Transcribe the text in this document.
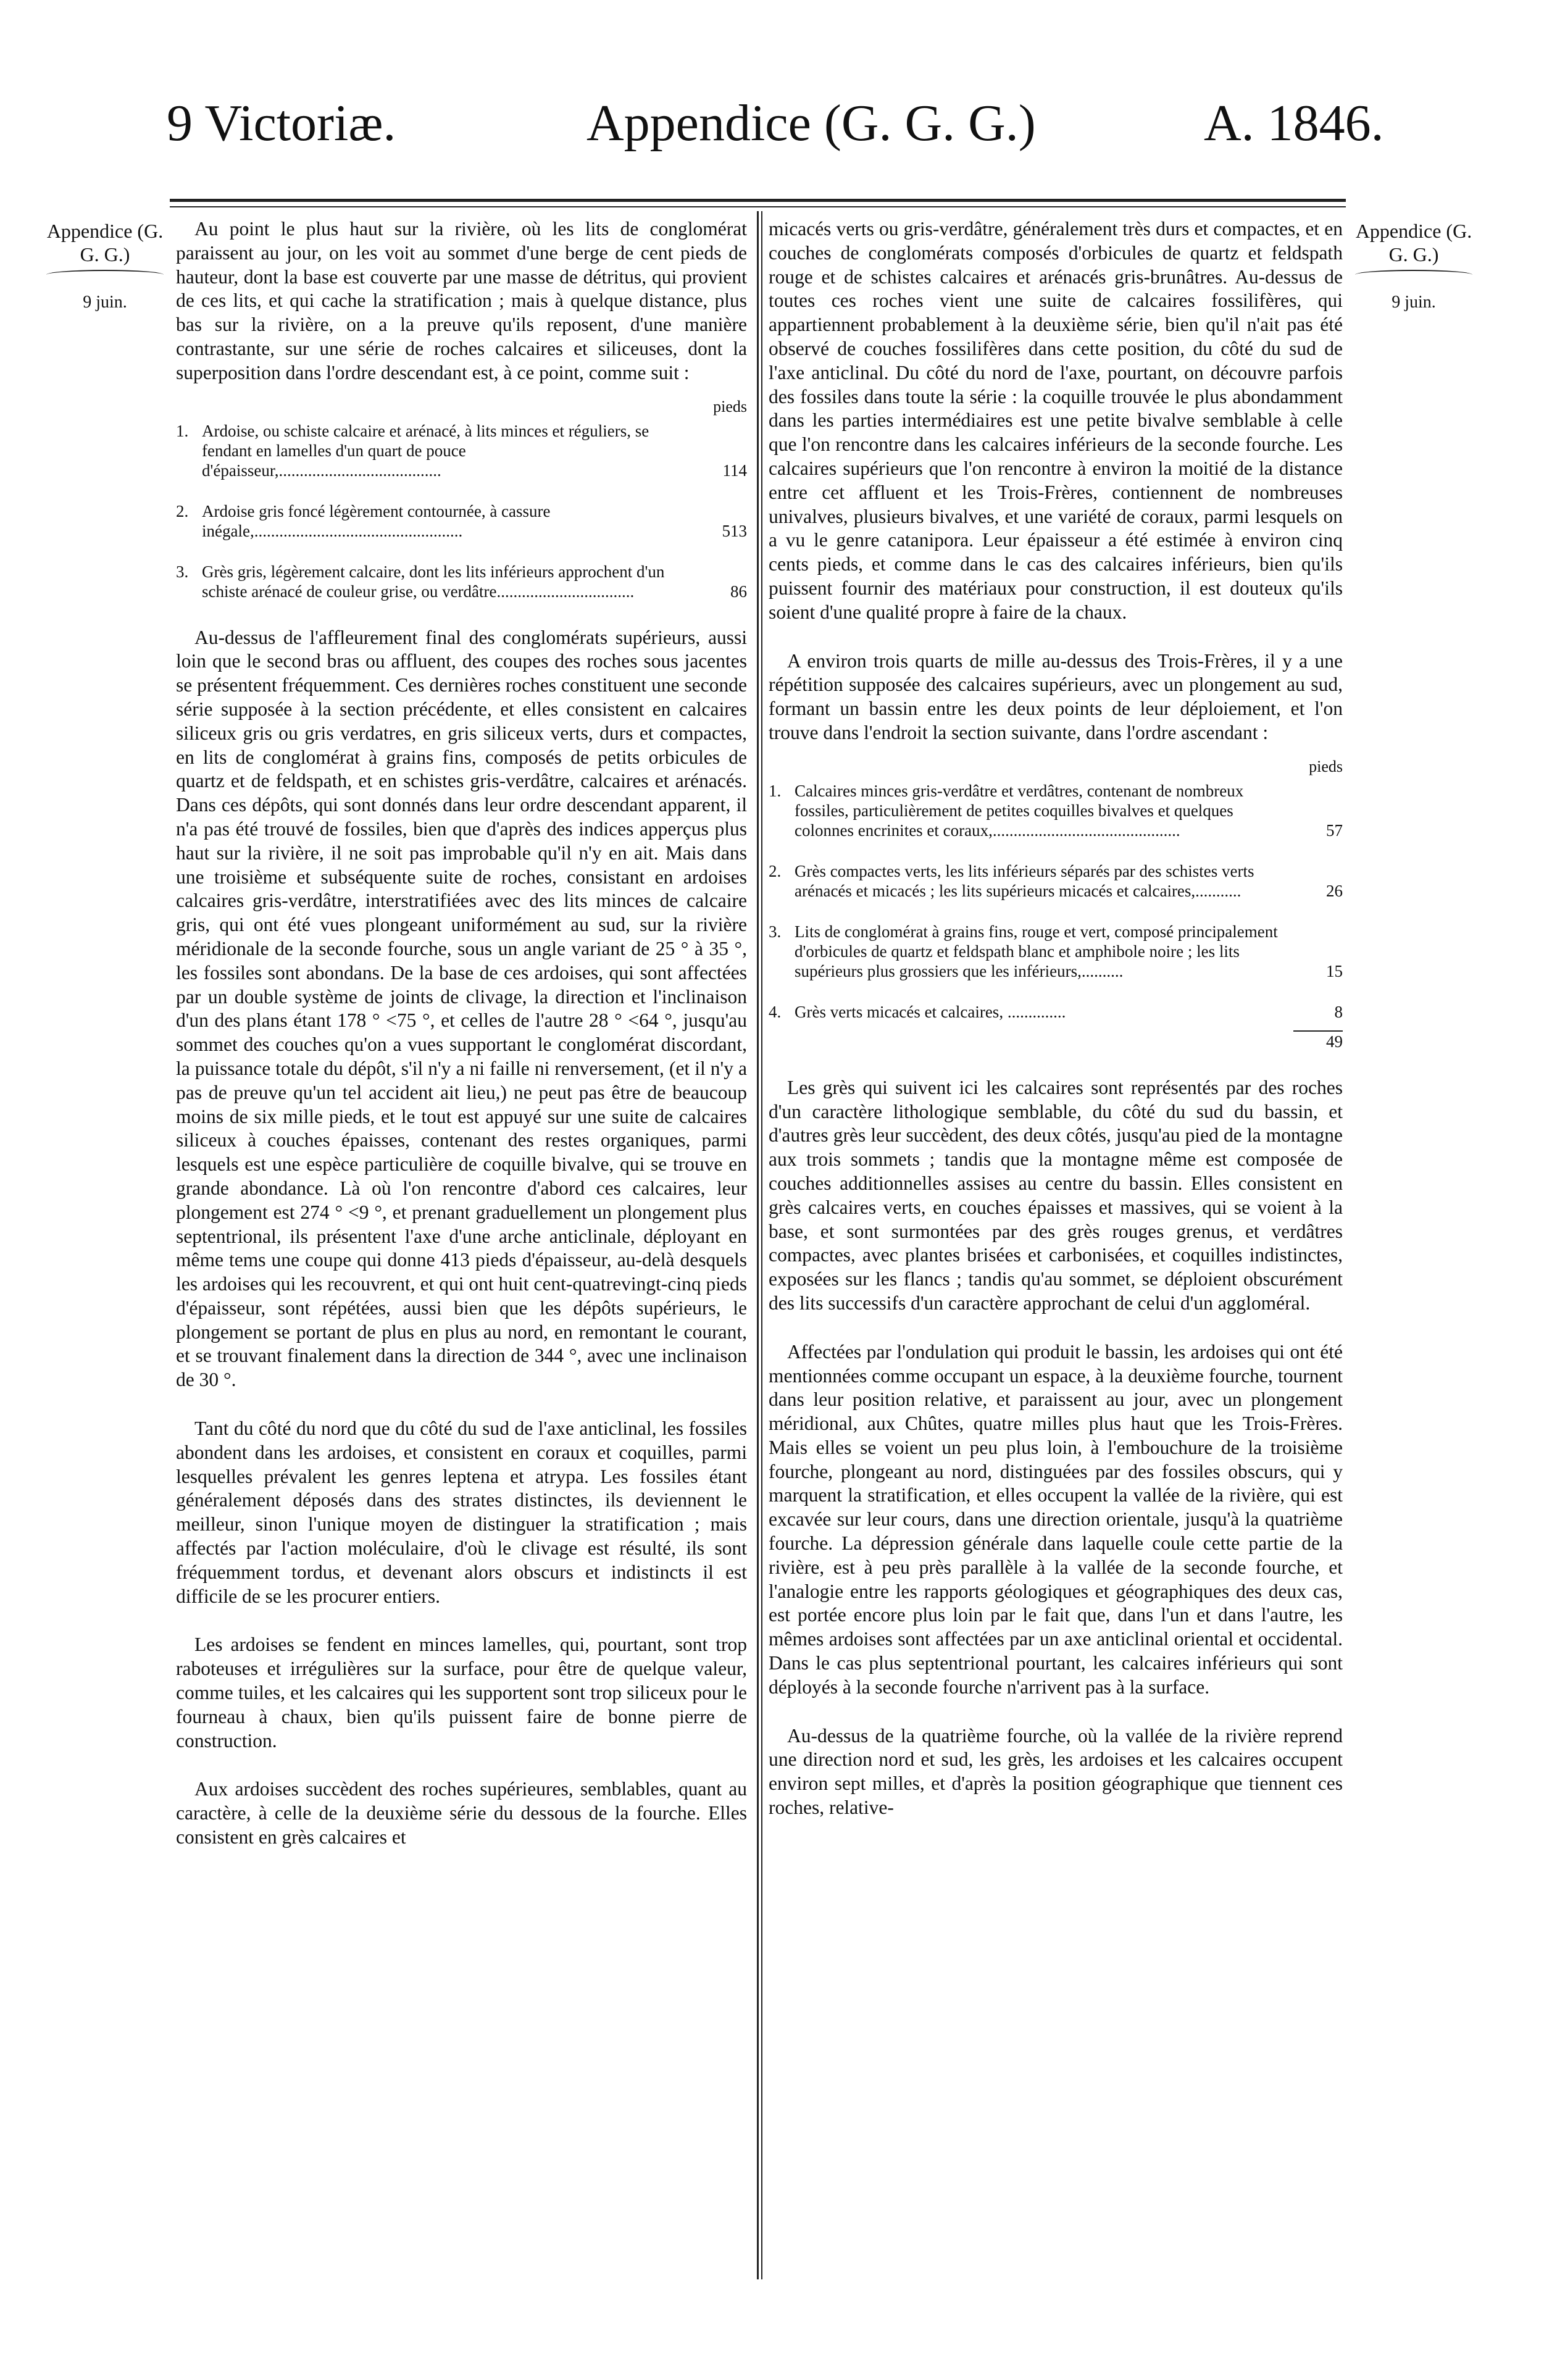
9 Victoriæ.	Appendice (G. G. G.)	A. 1846.
Appendice (G. G. G.)
9 juin.
Appendice (G. G. G.)
9 juin.

Au point le plus haut sur la rivière, où les lits de conglomérat paraissent au jour, on les voit au sommet d'une berge de cent pieds de hauteur, dont la base est couverte par une masse de détritus, qui provient de ces lits, et qui cache la stratification ; mais à quelque distance, plus bas sur la rivière, on a la preuve qu'ils reposent, d'une manière contrastante, sur une série de roches calcaires et siliceuses, dont la superposition dans l'ordre descendant est, à ce point, comme suit :

pieds
1. Ardoise, ou schiste calcaire et arénacé, à lits minces et réguliers, se fendant en lamelles d'un quart de pouce d'épaisseur,.......................................	114
2. Ardoise gris foncé légèrement contournée, à cassure inégale,..................................................	513
3. Grès gris, légèrement calcaire, dont les lits inférieurs approchent d'un schiste arénacé de couleur grise, ou verdâtre.................................	86

Au-dessus de l'affleurement final des conglomérats supérieurs, aussi loin que le second bras ou affluent, des coupes des roches sous jacentes se présentent fréquemment. Ces dernières roches constituent une seconde série supposée à la section précédente, et elles consistent en calcaires siliceux gris ou gris verdatres, en gris siliceux verts, durs et compactes, en lits de conglomérat à grains fins, composés de petits orbicules de quartz et de feldspath, et en schistes gris-verdâtre, calcaires et arénacés. Dans ces dépôts, qui sont donnés dans leur ordre descendant apparent, il n'a pas été trouvé de fossiles, bien que d'après des indices apperçus plus haut sur la rivière, il ne soit pas improbable qu'il n'y en ait. Mais dans une troisième et subséquente suite de roches, consistant en ardoises calcaires gris-verdâtre, interstratifiées avec des lits minces de calcaire gris, qui ont été vues plongeant uniformément au sud, sur la rivière méridionale de la seconde fourche, sous un angle variant de 25 ° à 35 °, les fossiles sont abondans. De la base de ces ardoises, qui sont affectées par un double système de joints de clivage, la direction et l'inclinaison d'un des plans étant 178 ° <75 °, et celles de l'autre 28 ° <64 °, jusqu'au sommet des couches qu'on a vues supportant le conglomérat discordant, la puissance totale du dépôt, s'il n'y a ni faille ni renversement, (et il n'y a pas de preuve qu'un tel accident ait lieu,) ne peut pas être de beaucoup moins de six mille pieds, et le tout est appuyé sur une suite de calcaires siliceux à couches épaisses, contenant des restes organiques, parmi lesquels est une espèce particulière de coquille bivalve, qui se trouve en grande abondance. Là où l'on rencontre d'abord ces calcaires, leur plongement est 274 ° <9 °, et prenant graduellement un plongement plus septentrional, ils présentent l'axe d'une arche anticlinale, déployant en même tems une coupe qui donne 413 pieds d'épaisseur, au-delà desquels les ardoises qui les recouvrent, et qui ont huit cent-quatrevingt-cinq pieds d'épaisseur, sont répétées, aussi bien que les dépôts supérieurs, le plongement se portant de plus en plus au nord, en remontant le courant, et se trouvant finalement dans la direction de 344 °, avec une inclinaison de 30 °.

Tant du côté du nord que du côté du sud de l'axe anticlinal, les fossiles abondent dans les ardoises, et consistent en coraux et coquilles, parmi lesquelles prévalent les genres leptena et atrypa. Les fossiles étant généralement déposés dans des strates distinctes, ils deviennent le meilleur, sinon l'unique moyen de distinguer la stratification ; mais affectés par l'action moléculaire, d'où le clivage est résulté, ils sont fréquemment tordus, et devenant alors obscurs et indistincts il est difficile de se les procurer entiers.

Les ardoises se fendent en minces lamelles, qui, pourtant, sont trop raboteuses et irrégulières sur la surface, pour être de quelque valeur, comme tuiles, et les calcaires qui les supportent sont trop siliceux pour le fourneau à chaux, bien qu'ils puissent faire de bonne pierre de construction.

Aux ardoises succèdent des roches supérieures, semblables, quant au caractère, à celle de la deuxième série du dessous de la fourche. Elles consistent en grès calcaires et

micacés verts ou gris-verdâtre, généralement très durs et compactes, et en couches de conglomérats composés d'orbicules de quartz et feldspath rouge et de schistes calcaires et arénacés gris-brunâtres. Au-dessus de toutes ces roches vient une suite de calcaires fossilifères, qui appartiennent probablement à la deuxième série, bien qu'il n'ait pas été observé de couches fossilifères dans cette position, du côté du sud de l'axe anticlinal. Du côté du nord de l'axe, pourtant, on découvre parfois des fossiles dans toute la série : la coquille trouvée le plus abondamment dans les parties intermédiaires est une petite bivalve semblable à celle que l'on rencontre dans les calcaires inférieurs de la seconde fourche. Les calcaires supérieurs que l'on rencontre à environ la moitié de la distance entre cet affluent et les Trois-Frères, contiennent de nombreuses univalves, plusieurs bivalves, et une variété de coraux, parmi lesquels on a vu le genre catanipora. Leur épaisseur a été estimée à environ cinq cents pieds, et comme dans le cas des calcaires inférieurs, bien qu'ils puissent fournir des matériaux pour construction, il est douteux qu'ils soient d'une qualité propre à faire de la chaux.

A environ trois quarts de mille au-dessus des Trois-Frères, il y a une répétition supposée des calcaires supérieurs, avec un plongement au sud, formant un bassin entre les deux points de leur déploiement, et l'on trouve dans l'endroit la section suivante, dans l'ordre ascendant :

pieds
1. Calcaires minces gris-verdâtre et verdâtres, contenant de nombreux fossiles, particulièrement de petites coquilles bivalves et quelques colonnes encrinites et coraux,.............................................	57
2. Grès compactes verts, les lits inférieurs séparés par des schistes verts arénacés et micacés ; les lits supérieurs micacés et calcaires,...........	26
3. Lits de conglomérat à grains fins, rouge et vert, composé principalement d'orbicules de quartz et feldspath blanc et amphibole noire ; les lits supérieurs plus grossiers que les inférieurs,..........	15
4. Grès verts micacés et calcaires, ..............	8
49

Les grès qui suivent ici les calcaires sont représentés par des roches d'un caractère lithologique semblable, du côté du sud du bassin, et d'autres grès leur succèdent, des deux côtés, jusqu'au pied de la montagne aux trois sommets ; tandis que la montagne même est composée de couches additionnelles assises au centre du bassin. Elles consistent en grès calcaires verts, en couches épaisses et massives, qui se voient à la base, et sont surmontées par des grès rouges grenus, et verdâtres compactes, avec plantes brisées et carbonisées, et coquilles indistinctes, exposées sur les flancs ; tandis qu'au sommet, se déploient obscurément des lits successifs d'un caractère approchant de celui d'un aggloméral.

Affectées par l'ondulation qui produit le bassin, les ardoises qui ont été mentionnées comme occupant un espace, à la deuxième fourche, tournent dans leur position relative, et paraissent au jour, avec un plongement méridional, aux Chûtes, quatre milles plus haut que les Trois-Frères. Mais elles se voient un peu plus loin, à l'embouchure de la troisième fourche, plongeant au nord, distinguées par des fossiles obscurs, qui y marquent la stratification, et elles occupent la vallée de la rivière, qui est excavée sur leur cours, dans une direction orientale, jusqu'à la quatrième fourche. La dépression générale dans laquelle coule cette partie de la rivière, est à peu près parallèle à la vallée de la seconde fourche, et l'analogie entre les rapports géologiques et géographiques des deux cas, est portée encore plus loin par le fait que, dans l'un et dans l'autre, les mêmes ardoises sont affectées par un axe anticlinal oriental et occidental. Dans le cas plus septentrional pourtant, les calcaires inférieurs qui sont déployés à la seconde fourche n'arrivent pas à la surface.

Au-dessus de la quatrième fourche, où la vallée de la rivière reprend une direction nord et sud, les grès, les ardoises et les calcaires occupent environ sept milles, et d'après la position géographique que tiennent ces roches, relative-
